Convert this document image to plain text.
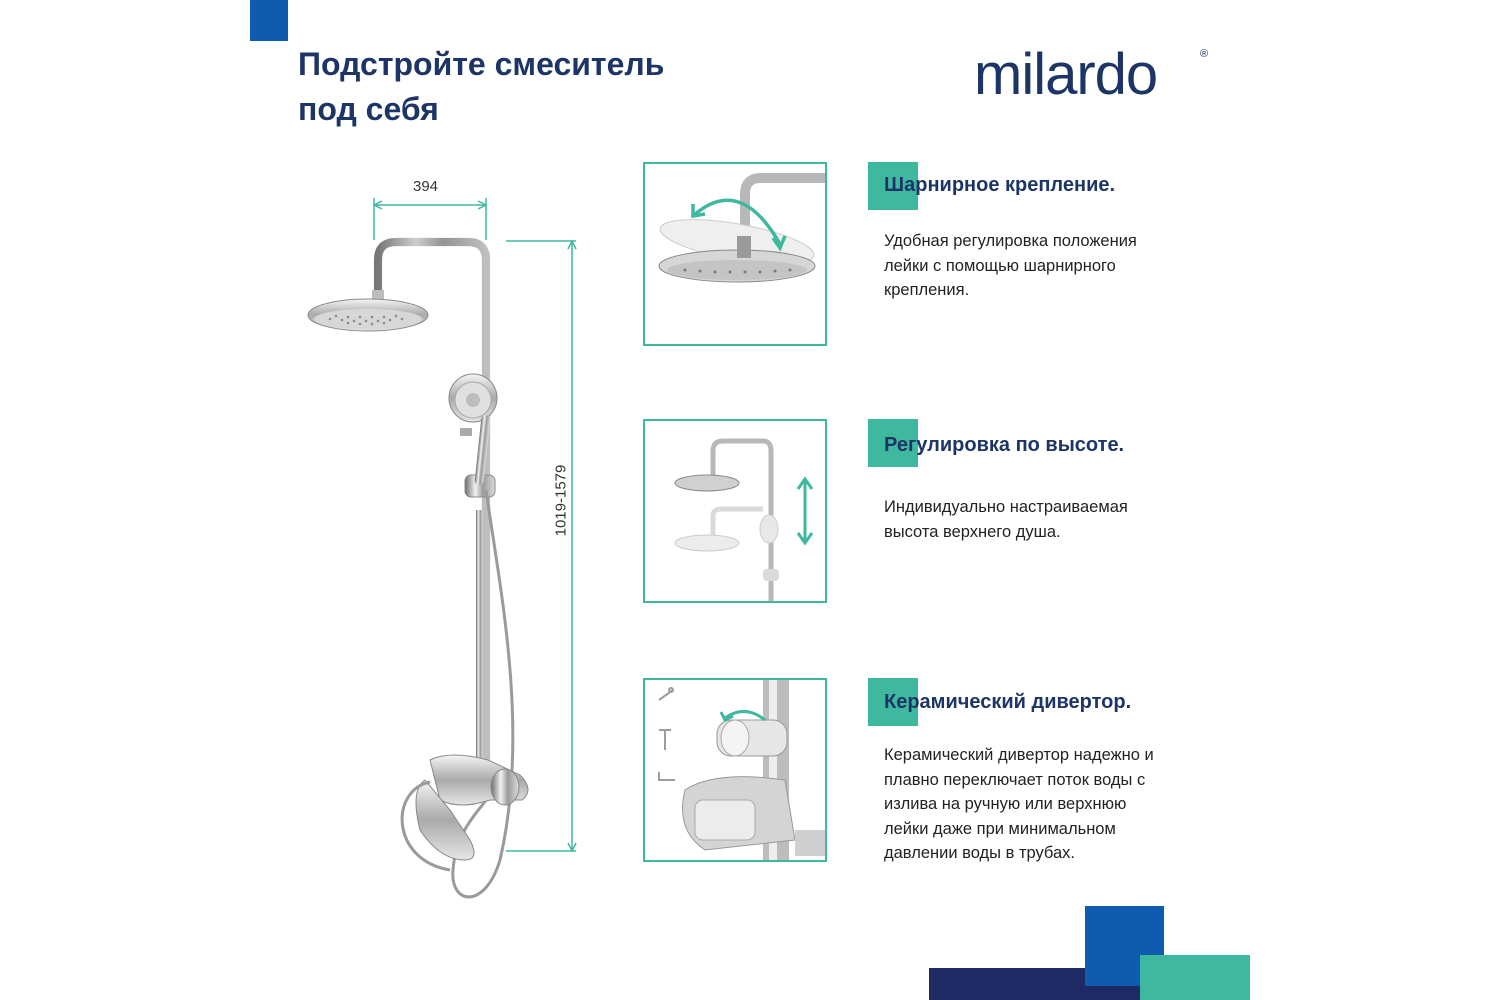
Подстройте смеситель
под себя
milardo	®
394
1019-1579
Шарнирное крепление.
Регулировка по высоте.
Керамический дивертор.
Удобная регулировка положения
лейки с помощью шарнирного
крепления.
Индивидуально настраиваемая
высота верхнего душа.
Керамический дивертор надежно и
плавно переключает поток воды с
излива на ручную или верхнюю
лейки даже при минимальном
давлении воды в трубах.
